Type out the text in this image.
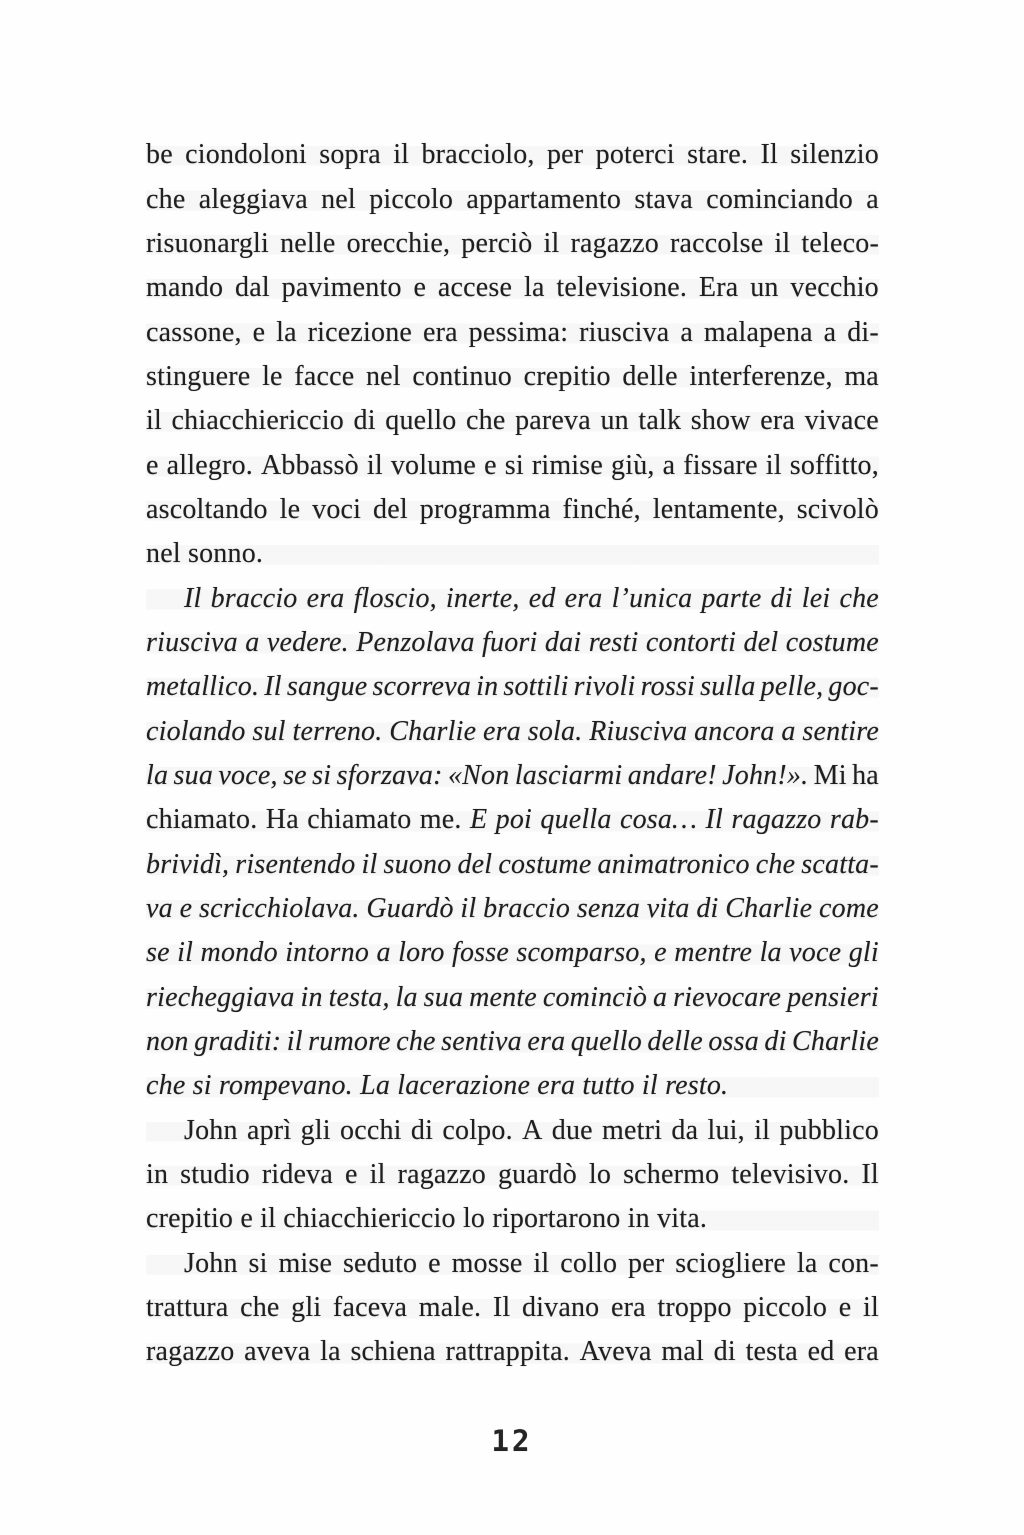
be ciondoloni sopra il bracciolo, per poterci stare. Il silenzio
che aleggiava nel piccolo appartamento stava cominciando a
risuonargli nelle orecchie, perciò il ragazzo raccolse il teleco-
mando dal pavimento e accese la televisione. Era un vecchio
cassone, e la ricezione era pessima: riusciva a malapena a di-
stinguere le facce nel continuo crepitio delle interferenze, ma
il chiacchiericcio di quello che pareva un talk show era vivace
e allegro. Abbassò il volume e si rimise giù, a fissare il soffitto,
ascoltando le voci del programma finché, lentamente, scivolò
nel sonno.
Il braccio era floscio, inerte, ed era l’unica parte di lei che
riusciva a vedere. Penzolava fuori dai resti contorti del costume
metallico. Il sangue scorreva in sottili rivoli rossi sulla pelle, goc-
ciolando sul terreno. Charlie era sola. Riusciva ancora a sentire
la sua voce, se si sforzava: «Non lasciarmi andare! John!». Mi ha
chiamato. Ha chiamato me. E poi quella cosa… Il ragazzo rab-
brividì, risentendo il suono del costume animatronico che scatta-
va e scricchiolava. Guardò il braccio senza vita di Charlie come
se il mondo intorno a loro fosse scomparso, e mentre la voce gli
riecheggiava in testa, la sua mente cominciò a rievocare pensieri
non graditi: il rumore che sentiva era quello delle ossa di Charlie
che si rompevano. La lacerazione era tutto il resto.
John aprì gli occhi di colpo. A due metri da lui, il pubblico
in studio rideva e il ragazzo guardò lo schermo televisivo. Il
crepitio e il chiacchiericcio lo riportarono in vita.
John si mise seduto e mosse il collo per sciogliere la con-
trattura che gli faceva male. Il divano era troppo piccolo e il
ragazzo aveva la schiena rattrappita. Aveva mal di testa ed era
12
